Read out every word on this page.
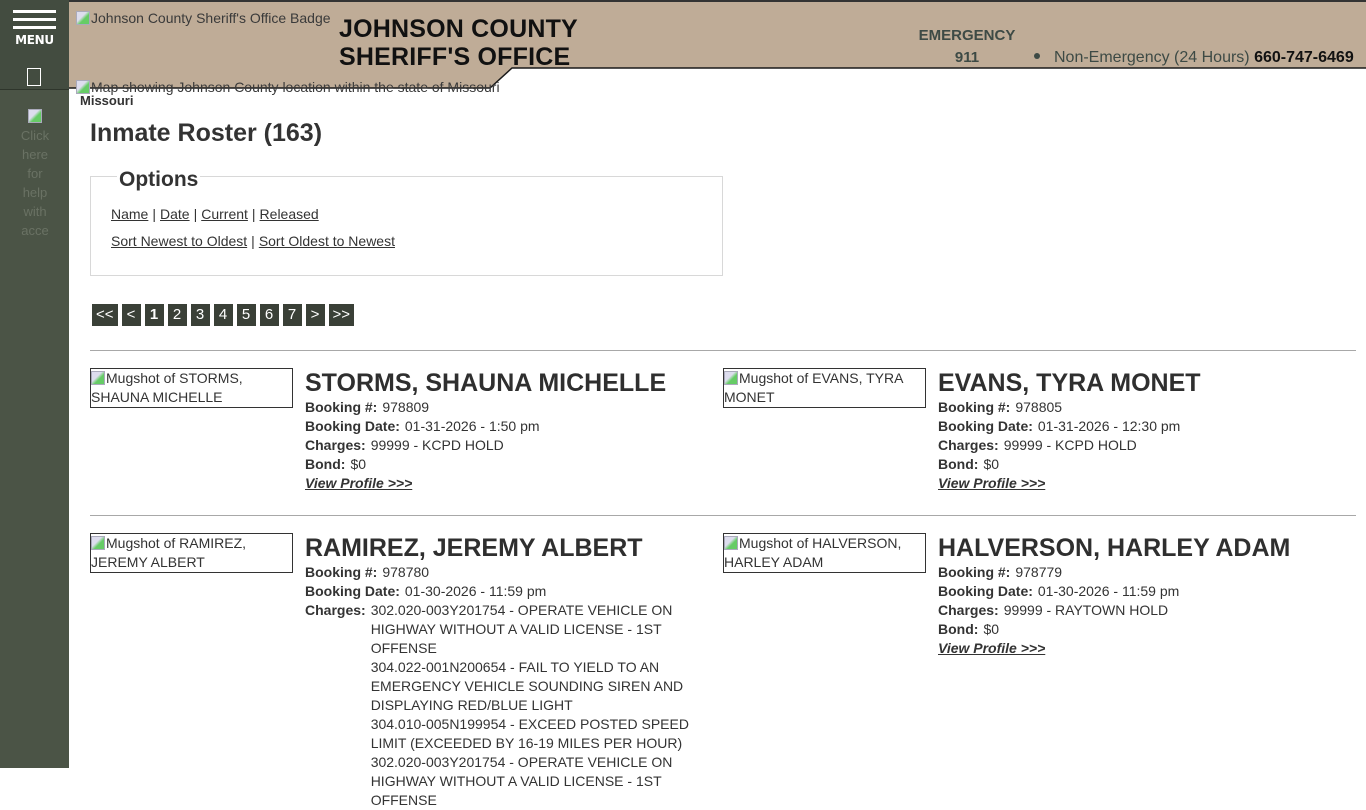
MENU
Click here for help with acce
Johnson County Sheriff's Office Badge JOHNSON COUNTY
SHERIFF'S OFFICE
EMERGENCY
911	Non-Emergency (24 Hours) 660-747-6469
Map showing Johnson County location within the state of Missouri
Missouri
Inmate Roster (163)
Options
Name | Date | Current | Released
Sort Newest to Oldest | Sort Oldest to Newest
<< < 1 2 3 4 5 6 7 > >>
Mugshot of STORMS, SHAUNA MICHELLE	STORMS, SHAUNA MICHELLE
Booking #: 978809
Booking Date: 01-31-2026 - 1:50 pm
Charges: 99999 - KCPD HOLD
Bond: $0
View Profile >>>
Mugshot of EVANS, TYRA MONET	EVANS, TYRA MONET
Booking #: 978805
Booking Date: 01-31-2026 - 12:30 pm
Charges: 99999 - KCPD HOLD
Bond: $0
View Profile >>>
Mugshot of RAMIREZ, JEREMY ALBERT	RAMIREZ, JEREMY ALBERT
Booking #: 978780
Booking Date: 01-30-2026 - 11:59 pm
Charges: 302.020-003Y201754 - OPERATE VEHICLE ON HIGHWAY WITHOUT A VALID LICENSE - 1ST OFFENSE
304.022-001N200654 - FAIL TO YIELD TO AN EMERGENCY VEHICLE SOUNDING SIREN AND DISPLAYING RED/BLUE LIGHT
304.010-005N199954 - EXCEED POSTED SPEED LIMIT (EXCEEDED BY 16-19 MILES PER HOUR)
302.020-003Y201754 - OPERATE VEHICLE ON HIGHWAY WITHOUT A VALID LICENSE - 1ST OFFENSE
Mugshot of HALVERSON, HARLEY ADAM	HALVERSON, HARLEY ADAM
Booking #: 978779
Booking Date: 01-30-2026 - 11:59 pm
Charges: 99999 - RAYTOWN HOLD
Bond: $0
View Profile >>>
